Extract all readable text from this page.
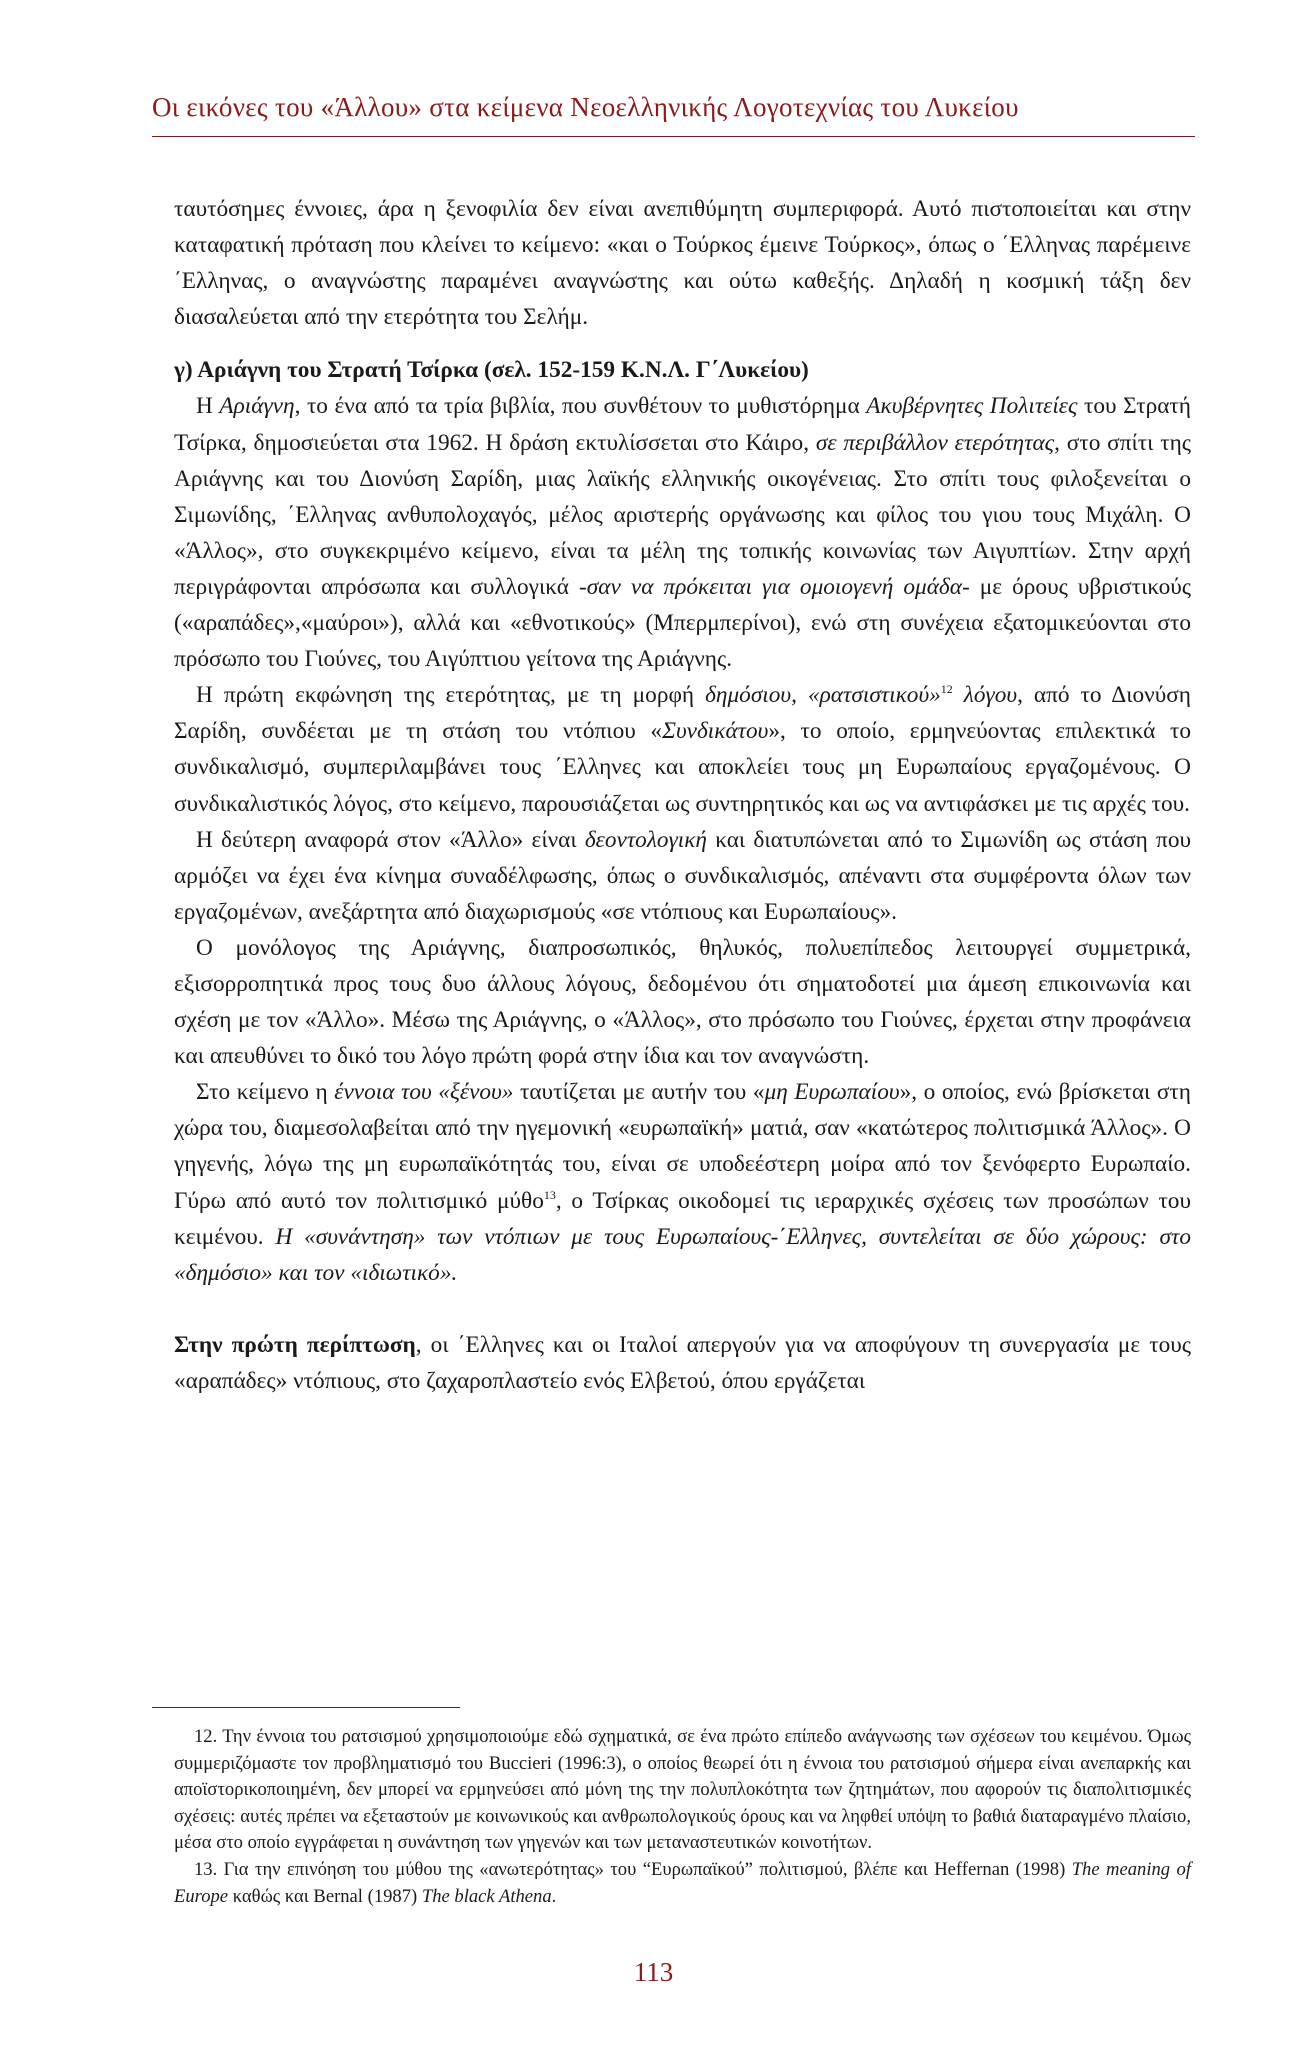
Οι εικόνες του «Άλλου» στα κείμενα Νεοελληνικής Λογοτεχνίας του Λυκείου

ταυτόσημες έννοιες, άρα η ξενοφιλία δεν είναι ανεπιθύμητη συμπεριφορά. Αυτό πιστοποιείται και στην καταφατική πρόταση που κλείνει το κείμενο: «και ο Τούρκος έμεινε Τούρκος», όπως ο ΄Ελληνας παρέμεινε ΄Ελληνας, ο αναγνώστης παραμένει αναγνώστης και ούτω καθεξής. Δηλαδή η κοσμική τάξη δεν διασαλεύεται από την ετερότητα του Σελήμ.

γ) Αριάγνη του Στρατή Τσίρκα (σελ. 152-159 Κ.Ν.Λ. Γ΄Λυκείου)

Η Αριάγνη, το ένα από τα τρία βιβλία, που συνθέτουν το μυθιστόρημα Ακυβέρνητες Πολιτείες του Στρατή Τσίρκα, δημοσιεύεται στα 1962. Η δράση εκτυλίσσεται στο Κάιρο, σε περιβάλλον ετερότητας, στο σπίτι της Αριάγνης και του Διονύση Σαρίδη, μιας λαϊκής ελληνικής οικογένειας. Στο σπίτι τους φιλοξενείται ο Σιμωνίδης, ΄Ελληνας ανθυπολοχαγός, μέλος αριστερής οργάνωσης και φίλος του γιου τους Μιχάλη. Ο «Άλλος», στο συγκεκριμένο κείμενο, είναι τα μέλη της τοπικής κοινωνίας των Αιγυπτίων. Στην αρχή περιγράφονται απρόσωπα και συλλογικά -σαν να πρόκειται για ομοιογενή ομάδα- με όρους υβριστικούς («αραπάδες»,«μαύροι»), αλλά και «εθνοτικούς» (Μπερμπερίνοι), ενώ στη συνέχεια εξατομικεύονται στο πρόσωπο του Γιούνες, του Αιγύπτιου γείτονα της Αριάγνης.

Η πρώτη εκφώνηση της ετερότητας, με τη μορφή δημόσιου, «ρατσιστικού»$^{12}$ λόγου, από το Διονύση Σαρίδη, συνδέεται με τη στάση του ντόπιου «Συνδικάτου», το οποίο, ερμηνεύοντας επιλεκτικά το συνδικαλισμό, συμπεριλαμβάνει τους ΄Ελληνες και αποκλείει τους μη Ευρωπαίους εργαζομένους. Ο συνδικαλιστικός λόγος, στο κείμενο, παρουσιάζεται ως συντηρητικός και ως να αντιφάσκει με τις αρχές του.

Η δεύτερη αναφορά στον «Άλλο» είναι δεοντολογική και διατυπώνεται από το Σιμωνίδη ως στάση που αρμόζει να έχει ένα κίνημα συναδέλφωσης, όπως ο συνδικαλισμός, απέναντι στα συμφέροντα όλων των εργαζομένων, ανεξάρτητα από διαχωρισμούς «σε ντόπιους και Ευρωπαίους».

Ο μονόλογος της Αριάγνης, διαπροσωπικός, θηλυκός, πολυεπίπεδος λειτουργεί συμμετρικά, εξισορροπητικά προς τους δυο άλλους λόγους, δεδομένου ότι σηματοδοτεί μια άμεση επικοινωνία και σχέση με τον «Άλλο». Μέσω της Αριάγνης, ο «Άλλος», στο πρόσωπο του Γιούνες, έρχεται στην προφάνεια και απευθύνει το δικό του λόγο πρώτη φορά στην ίδια και τον αναγνώστη.

Στο κείμενο η έννοια του «ξένου» ταυτίζεται με αυτήν του «μη Ευρωπαίου», ο οποίος, ενώ βρίσκεται στη χώρα του, διαμεσολαβείται από την ηγεμονική «ευρωπαϊκή» ματιά, σαν «κατώτερος πολιτισμικά Άλλος». Ο γηγενής, λόγω της μη ευρωπαϊκότητάς του, είναι σε υποδεέστερη μοίρα από τον ξενόφερτο Ευρωπαίο. Γύρω από αυτό τον πολιτισμικό μύθο$^{13}$, ο Τσίρκας οικοδομεί τις ιεραρχικές σχέσεις των προσώπων του κειμένου. Η «συνάντηση» των ντόπιων με τους Ευρωπαίους-΄Ελληνες, συντελείται σε δύο χώρους: στο «δημόσιο» και τον «ιδιωτικό».

Στην πρώτη περίπτωση, οι ΄Ελληνες και οι Ιταλοί απεργούν για να αποφύγουν τη συνεργασία με τους «αραπάδες» ντόπιους, στο ζαχαροπλαστείο ενός Ελβετού, όπου εργάζεται

12. Την έννοια του ρατσισμού χρησιμοποιούμε εδώ σχηματικά, σε ένα πρώτο επίπεδο ανάγνωσης των σχέσεων του κειμένου. Όμως συμμεριζόμαστε τον προβληματισμό του Buccieri (1996:3), ο οποίος θεωρεί ότι η έννοια του ρατσισμού σήμερα είναι ανεπαρκής και αποϊστορικοποιημένη, δεν μπορεί να ερμηνεύσει από μόνη της την πολυπλοκότητα των ζητημάτων, που αφορούν τις διαπολιτισμικές σχέσεις: αυτές πρέπει να εξεταστούν με κοινωνικούς και ανθρωπολογικούς όρους και να ληφθεί υπόψη το βαθιά διαταραγμένο πλαίσιο, μέσα στο οποίο εγγράφεται η συνάντηση των γηγενών και των μεταναστευτικών κοινοτήτων.

13. Για την επινόηση του μύθου της «ανωτερότητας» του “Ευρωπαϊκού” πολιτισμού, βλέπε και Heffernan (1998) The meaning of Europe καθώς και Bernal (1987) The black Athena.

113
